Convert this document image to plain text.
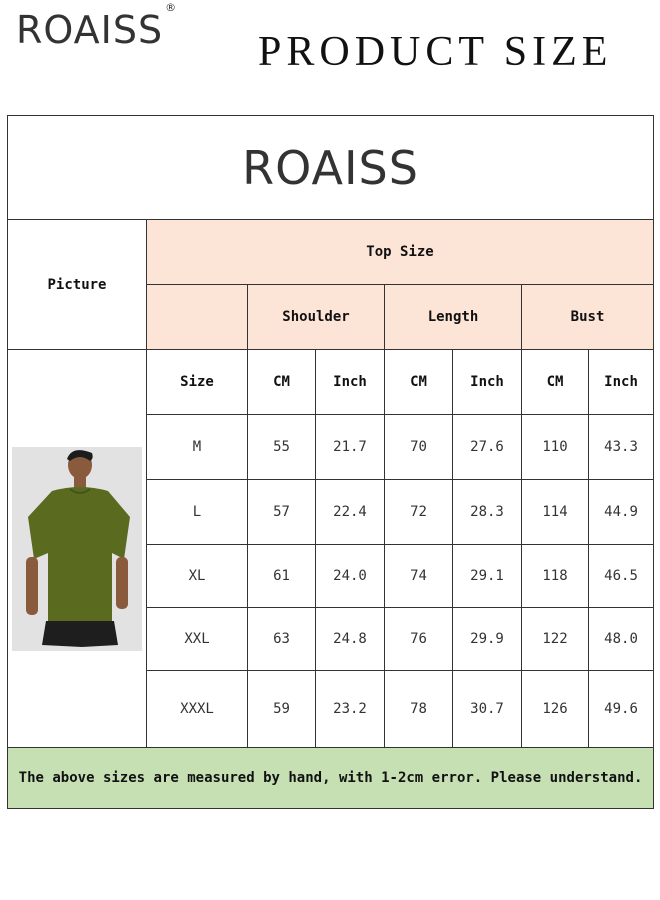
ROAISS®
PRODUCT SIZE
ROAISS							
Picture	Top Size						
		Shoulder		Length		Bust	

	Size	CM	Inch	CM	Inch	CM	Inch
	M	55	21.7	70	27.6	110	43.3
	L	57	22.4	72	28.3	114	44.9
	XL	61	24.0	74	29.1	118	46.5
	XXL	63	24.8	76	29.9	122	48.0
	XXXL	59	23.2	78	30.7	126	49.6
The above sizes are measured by hand, with 1-2cm error. Please understand.							
